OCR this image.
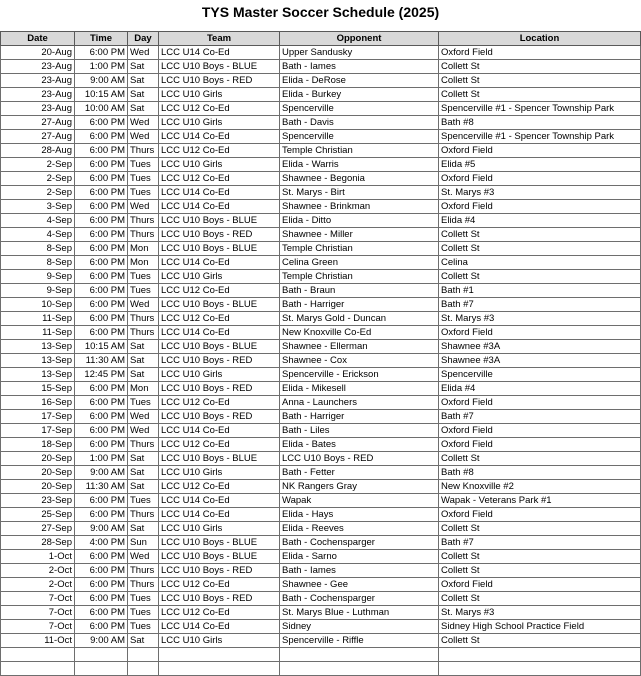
TYS Master Soccer Schedule (2025)
Date	Time	Day	Team	Opponent	Location
20-Aug	6:00 PM	Wed	LCC U14 Co-Ed	Upper Sandusky	Oxford Field
23-Aug	1:00 PM	Sat	LCC U10 Boys - BLUE	Bath - Iames	Collett St
23-Aug	9:00 AM	Sat	LCC U10 Boys - RED	Elida - DeRose	Collett St
23-Aug	10:15 AM	Sat	LCC U10 Girls	Elida - Burkey	Collett St
23-Aug	10:00 AM	Sat	LCC U12 Co-Ed	Spencerville	Spencerville #1 - Spencer Township Park
27-Aug	6:00 PM	Wed	LCC U10 Girls	Bath - Davis	Bath #8
27-Aug	6:00 PM	Wed	LCC U14 Co-Ed	Spencerville	Spencerville #1 - Spencer Township Park
28-Aug	6:00 PM	Thurs	LCC U12 Co-Ed	Temple Christian	Oxford Field
2-Sep	6:00 PM	Tues	LCC U10 Girls	Elida - Warris	Elida #5
2-Sep	6:00 PM	Tues	LCC U12 Co-Ed	Shawnee - Begonia	Oxford Field
2-Sep	6:00 PM	Tues	LCC U14 Co-Ed	St. Marys - Birt	St. Marys #3
3-Sep	6:00 PM	Wed	LCC U14 Co-Ed	Shawnee - Brinkman	Oxford Field
4-Sep	6:00 PM	Thurs	LCC U10 Boys - BLUE	Elida - Ditto	Elida #4
4-Sep	6:00 PM	Thurs	LCC U10 Boys - RED	Shawnee - Miller	Collett St
8-Sep	6:00 PM	Mon	LCC U10 Boys - BLUE	Temple Christian	Collett St
8-Sep	6:00 PM	Mon	LCC U14 Co-Ed	Celina Green	Celina
9-Sep	6:00 PM	Tues	LCC U10 Girls	Temple Christian	Collett St
9-Sep	6:00 PM	Tues	LCC U12 Co-Ed	Bath - Braun	Bath #1
10-Sep	6:00 PM	Wed	LCC U10 Boys - BLUE	Bath - Harriger	Bath #7
11-Sep	6:00 PM	Thurs	LCC U12 Co-Ed	St. Marys Gold - Duncan	St. Marys #3
11-Sep	6:00 PM	Thurs	LCC U14 Co-Ed	New Knoxville Co-Ed	Oxford Field
13-Sep	10:15 AM	Sat	LCC U10 Boys - BLUE	Shawnee - Ellerman	Shawnee #3A
13-Sep	11:30 AM	Sat	LCC U10 Boys - RED	Shawnee - Cox	Shawnee #3A
13-Sep	12:45 PM	Sat	LCC U10 Girls	Spencerville - Erickson	Spencerville
15-Sep	6:00 PM	Mon	LCC U10 Boys - RED	Elida - Mikesell	Elida #4
16-Sep	6:00 PM	Tues	LCC U12 Co-Ed	Anna - Launchers	Oxford Field
17-Sep	6:00 PM	Wed	LCC U10 Boys - RED	Bath - Harriger	Bath #7
17-Sep	6:00 PM	Wed	LCC U14 Co-Ed	Bath - Liles	Oxford Field
18-Sep	6:00 PM	Thurs	LCC U12 Co-Ed	Elida - Bates	Oxford Field
20-Sep	1:00 PM	Sat	LCC U10 Boys - BLUE	LCC U10 Boys - RED	Collett St
20-Sep	9:00 AM	Sat	LCC U10 Girls	Bath - Fetter	Bath #8
20-Sep	11:30 AM	Sat	LCC U12 Co-Ed	NK Rangers Gray	New Knoxville #2
23-Sep	6:00 PM	Tues	LCC U14 Co-Ed	Wapak	Wapak - Veterans Park #1
25-Sep	6:00 PM	Thurs	LCC U14 Co-Ed	Elida - Hays	Oxford Field
27-Sep	9:00 AM	Sat	LCC U10 Girls	Elida - Reeves	Collett St
28-Sep	4:00 PM	Sun	LCC U10 Boys - BLUE	Bath - Cochensparger	Bath #7
1-Oct	6:00 PM	Wed	LCC U10 Boys - BLUE	Elida - Sarno	Collett St
2-Oct	6:00 PM	Thurs	LCC U10 Boys - RED	Bath - Iames	Collett St
2-Oct	6:00 PM	Thurs	LCC U12 Co-Ed	Shawnee - Gee	Oxford Field
7-Oct	6:00 PM	Tues	LCC U10 Boys - RED	Bath - Cochensparger	Collett St
7-Oct	6:00 PM	Tues	LCC U12 Co-Ed	St. Marys Blue - Luthman	St. Marys #3
7-Oct	6:00 PM	Tues	LCC U14 Co-Ed	Sidney	Sidney High School Practice Field
11-Oct	9:00 AM	Sat	LCC U10 Girls	Spencerville - Riffle	Collett St
